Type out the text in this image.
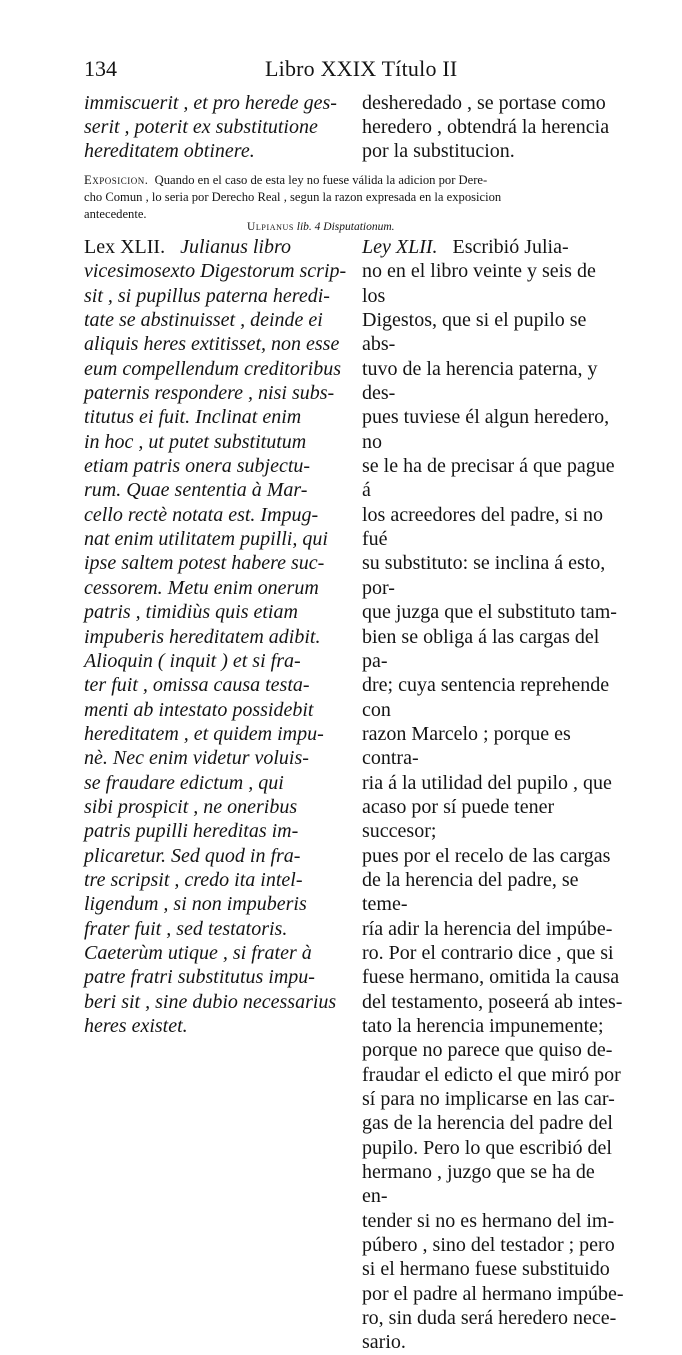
134	Libro XXIX Título II

immiscuerit , et pro herede ges-
serit , poterit ex substitutione
hereditatem obtinere.

desheredado , se portase como
heredero , obtendrá la herencia
por la substitucion.

Exposicion. Quando en el caso de esta ley no fuese válida la adicion por Dere-
cho Comun , lo seria por Derecho Real , segun la razon expresada en la exposicion
antecedente.

Ulpianus lib. 4 Disputationum.

Lex XLII. Julianus libro
vicesimosexto Digestorum scrip-
sit , si pupillus paterna heredi-
tate se abstinuisset , deinde ei
aliquis heres extitisset, non esse
eum compellendum creditoribus
paternis respondere , nisi subs-
titutus ei fuit. Inclinat enim
in hoc , ut putet substitutum
etiam patris onera subjectu-
rum. Quae sententia à Mar-
cello rectè notata est. Impug-
nat enim utilitatem pupilli, qui
ipse saltem potest habere suc-
cessorem. Metu enim onerum
patris , timidiùs quis etiam
impuberis hereditatem adibit.
Alioquin ( inquit ) et si fra-
ter fuit , omissa causa testa-
menti ab intestato possidebit
hereditatem , et quidem impu-
nè. Nec enim videtur voluis-
se fraudare edictum , qui
sibi prospicit , ne oneribus
patris pupilli hereditas im-
plicaretur. Sed quod in fra-
tre scripsit , credo ita intel-
ligendum , si non impuberis
frater fuit , sed testatoris.
Caeterùm utique , si frater à
patre fratri substitutus impu-
beri sit , sine dubio necessarius
heres existet.

Ley XLII. Escribió Julia-
no en el libro veinte y seis de los
Digestos, que si el pupilo se abs-
tuvo de la herencia paterna, y des-
pues tuviese él algun heredero, no
se le ha de precisar á que pague á
los acreedores del padre, si no fué
su substituto: se inclina á esto, por-
que juzga que el substituto tam-
bien se obliga á las cargas del pa-
dre; cuya sentencia reprehende con
razon Marcelo ; porque es contra-
ria á la utilidad del pupilo , que
acaso por sí puede tener succesor;
pues por el recelo de las cargas
de la herencia del padre, se teme-
ría adir la herencia del impúbe-
ro. Por el contrario dice , que si
fuese hermano, omitida la causa
del testamento, poseerá ab intes-
tato la herencia impunemente;
porque no parece que quiso de-
fraudar el edicto el que miró por
sí para no implicarse en las car-
gas de la herencia del padre del
pupilo. Pero lo que escribió del
hermano , juzgo que se ha de en-
tender si no es hermano del im-
púbero , sino del testador ; pero
si el hermano fuese substituido
por el padre al hermano impúbe-
ro, sin duda será heredero nece-
sario.
